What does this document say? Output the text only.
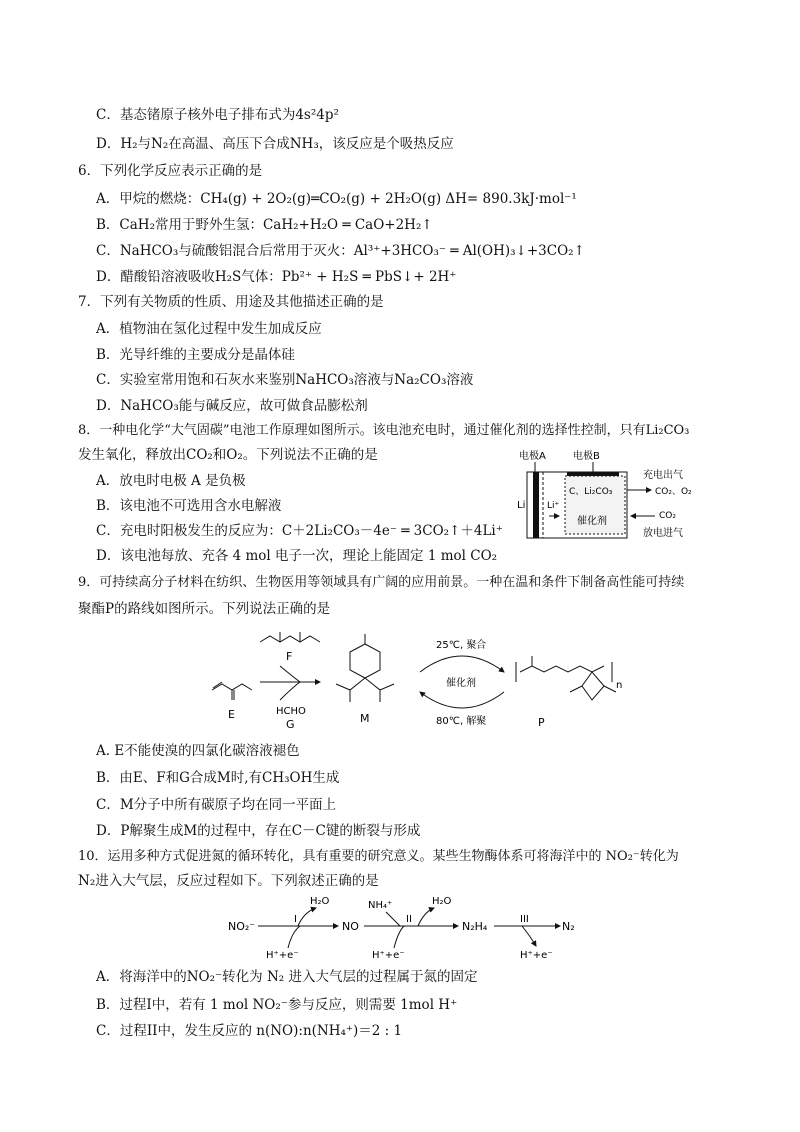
C．基态锗原子核外电子排布式为4s²4p²
D．H₂与N₂在高温、高压下合成NH₃，该反应是个吸热反应
6．下列化学反应表示正确的是
A．甲烷的燃烧：CH₄(g) + 2O₂(g)═CO₂(g) + 2H₂O(g) ΔH= 890.3kJ·mol⁻¹
B．CaH₂常用于野外生氢：CaH₂+H₂O ═ CaO+2H₂↑
C．NaHCO₃与硫酸铝混合后常用于灭火：Al³⁺+3HCO₃⁻ ═ Al(OH)₃↓+3CO₂↑
D．醋酸铅溶液吸收H₂S气体：Pb²⁺ + H₂S ═ PbS↓+ 2H⁺
7．下列有关物质的性质、用途及其他描述正确的是
A．植物油在氢化过程中发生加成反应
B．光导纤维的主要成分是晶体硅
C．实验室常用饱和石灰水来鉴别NaHCO₃溶液与Na₂CO₃溶液
D．NaHCO₃能与碱反应，故可做食品膨松剂
8．一种电化学“大气固碳”电池工作原理如图所示。该电池充电时，通过催化剂的选择性控制，只有Li₂CO₃
发生氧化，释放出CO₂和O₂。下列说法不正确的是
A．放电时电极 A 是负极
B．该电池不可选用含水电解液
C．充电时阳极发生的反应为：C＋2Li₂CO₃－4e⁻ ═ 3CO₂↑＋4Li⁺
D．该电池每放、充各 4 mol 电子一次，理论上能固定 1 mol CO₂
电极A	电极B
Li Li⁺
C、Li₂CO₃
催化剂
充电出气
CO₂、O₂
CO₂
放电进气
9．可持续高分子材料在纺织、生物医用等领域具有广阔的应用前景。一种在温和条件下制备高性能可持续
聚酯P的路线如图所示。下列说法正确的是
E
F
HCHO
G	M
25℃, 聚合
催化剂
80℃, 解聚
n
P
A. E不能使溴的四氯化碳溶液褪色
B．由E、F和G合成M时,有CH₃OH生成
C．M分子中所有碳原子均在同一平面上
D．P解聚生成M的过程中，存在C－C键的断裂与形成
10．运用多种方式促进氮的循环转化，具有重要的研究意义。某些生物酶体系可将海洋中的 NO₂⁻转化为
N₂进入大气层，反应过程如下。下列叙述正确的是
NO₂⁻
I
H₂O
H⁺+e⁻
NO
II
NH₄⁺	H₂O
H⁺+e⁻
N₂H₄
III
H⁺+e⁻
N₂
A．将海洋中的NO₂⁻转化为 N₂ 进入大气层的过程属于氮的固定
B．过程I中，若有 1 mol NO₂⁻参与反应，则需要 1mol H⁺
C．过程II中，发生反应的 n(NO):n(NH₄⁺)＝2 : 1
